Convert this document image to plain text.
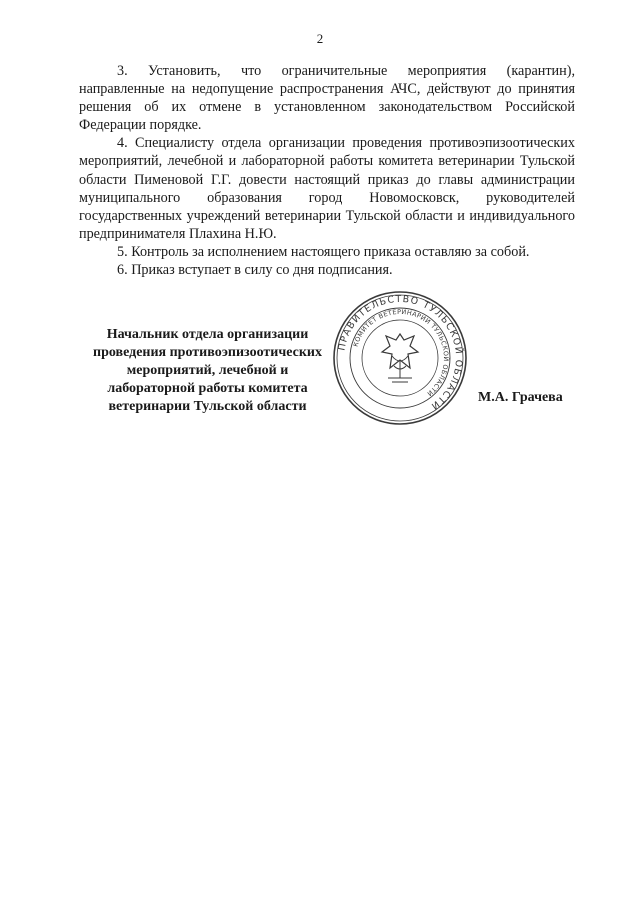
2

3. Установить, что ограничительные мероприятия (карантин), направленные на недопущение распространения АЧС, действуют до принятия решения об их отмене в установленном законодательством Российской Федерации порядке.

4. Специалисту отдела организации проведения противоэпизоотических мероприятий, лечебной и лабораторной работы комитета ветеринарии Тульской области Пименовой Г.Г. довести настоящий приказ до главы администрации муниципального образования город Новомосковск, руководителей государственных учреждений ветеринарии Тульской области и индивидуального предпринимателя Плахина Н.Ю.

5. Контроль за исполнением настоящего приказа оставляю за собой.

6. Приказ вступает в силу со дня подписания.

Начальник отдела организации
проведения противоэпизоотических
мероприятий, лечебной и
лабораторной работы комитета
ветеринарии Тульской области
ПРАВИТЕЛЬСТВО ТУЛЬСКОЙ ОБЛАСТИ
КОМИТЕТ ВЕТЕРИНАРИИ ТУЛЬСКОЙ ОБЛАСТИ	М.А. Грачева
